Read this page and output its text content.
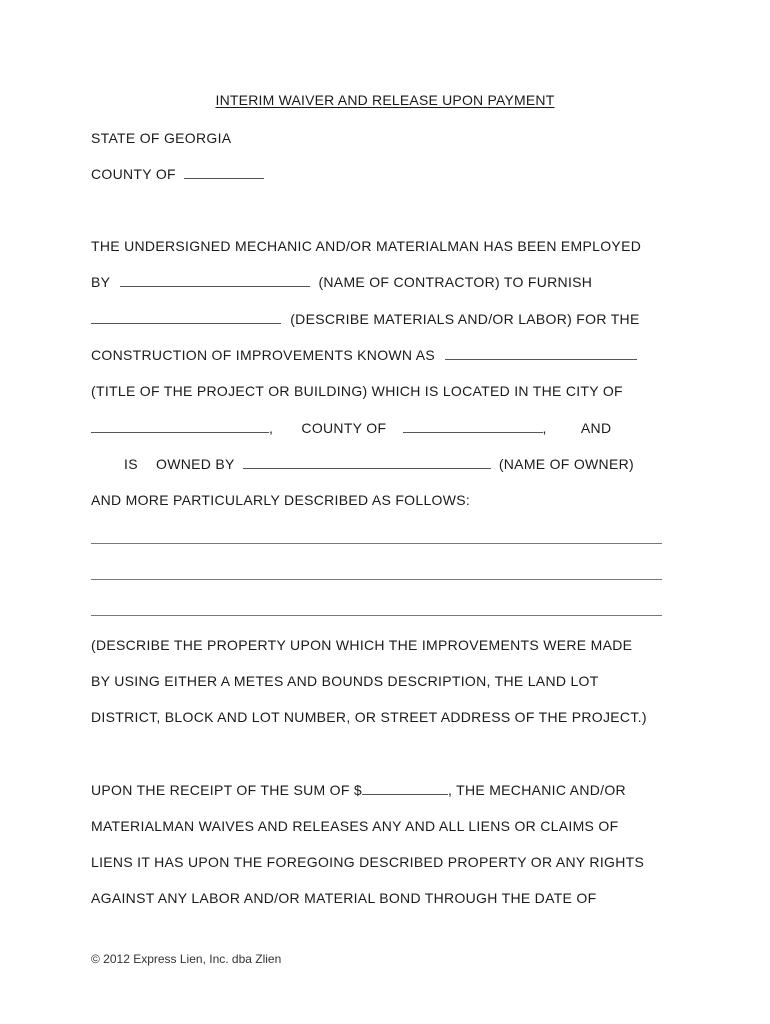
INTERIM WAIVER AND RELEASE UPON PAYMENT
STATE OF GEORGIA
COUNTY OF
THE UNDERSIGNED MECHANIC AND/OR MATERIALMAN HAS BEEN EMPLOYED
BY	(NAME OF CONTRACTOR) TO FURNISH
(DESCRIBE MATERIALS AND/OR LABOR) FOR THE
CONSTRUCTION OF IMPROVEMENTS KNOWN AS
(TITLE OF THE PROJECT OR BUILDING) WHICH IS LOCATED IN THE CITY OF
, COUNTY OF	, AND
IS OWNED BY	(NAME OF OWNER)
AND MORE PARTICULARLY DESCRIBED AS FOLLOWS:
(DESCRIBE THE PROPERTY UPON WHICH THE IMPROVEMENTS WERE MADE
BY USING EITHER A METES AND BOUNDS DESCRIPTION, THE LAND LOT
DISTRICT, BLOCK AND LOT NUMBER, OR STREET ADDRESS OF THE PROJECT.)
UPON THE RECEIPT OF THE SUM OF $	, THE MECHANIC AND/OR
MATERIALMAN WAIVES AND RELEASES ANY AND ALL LIENS OR CLAIMS OF
LIENS IT HAS UPON THE FOREGOING DESCRIBED PROPERTY OR ANY RIGHTS
AGAINST ANY LABOR AND/OR MATERIAL BOND THROUGH THE DATE OF
© 2012 Express Lien, Inc. dba Zlien
